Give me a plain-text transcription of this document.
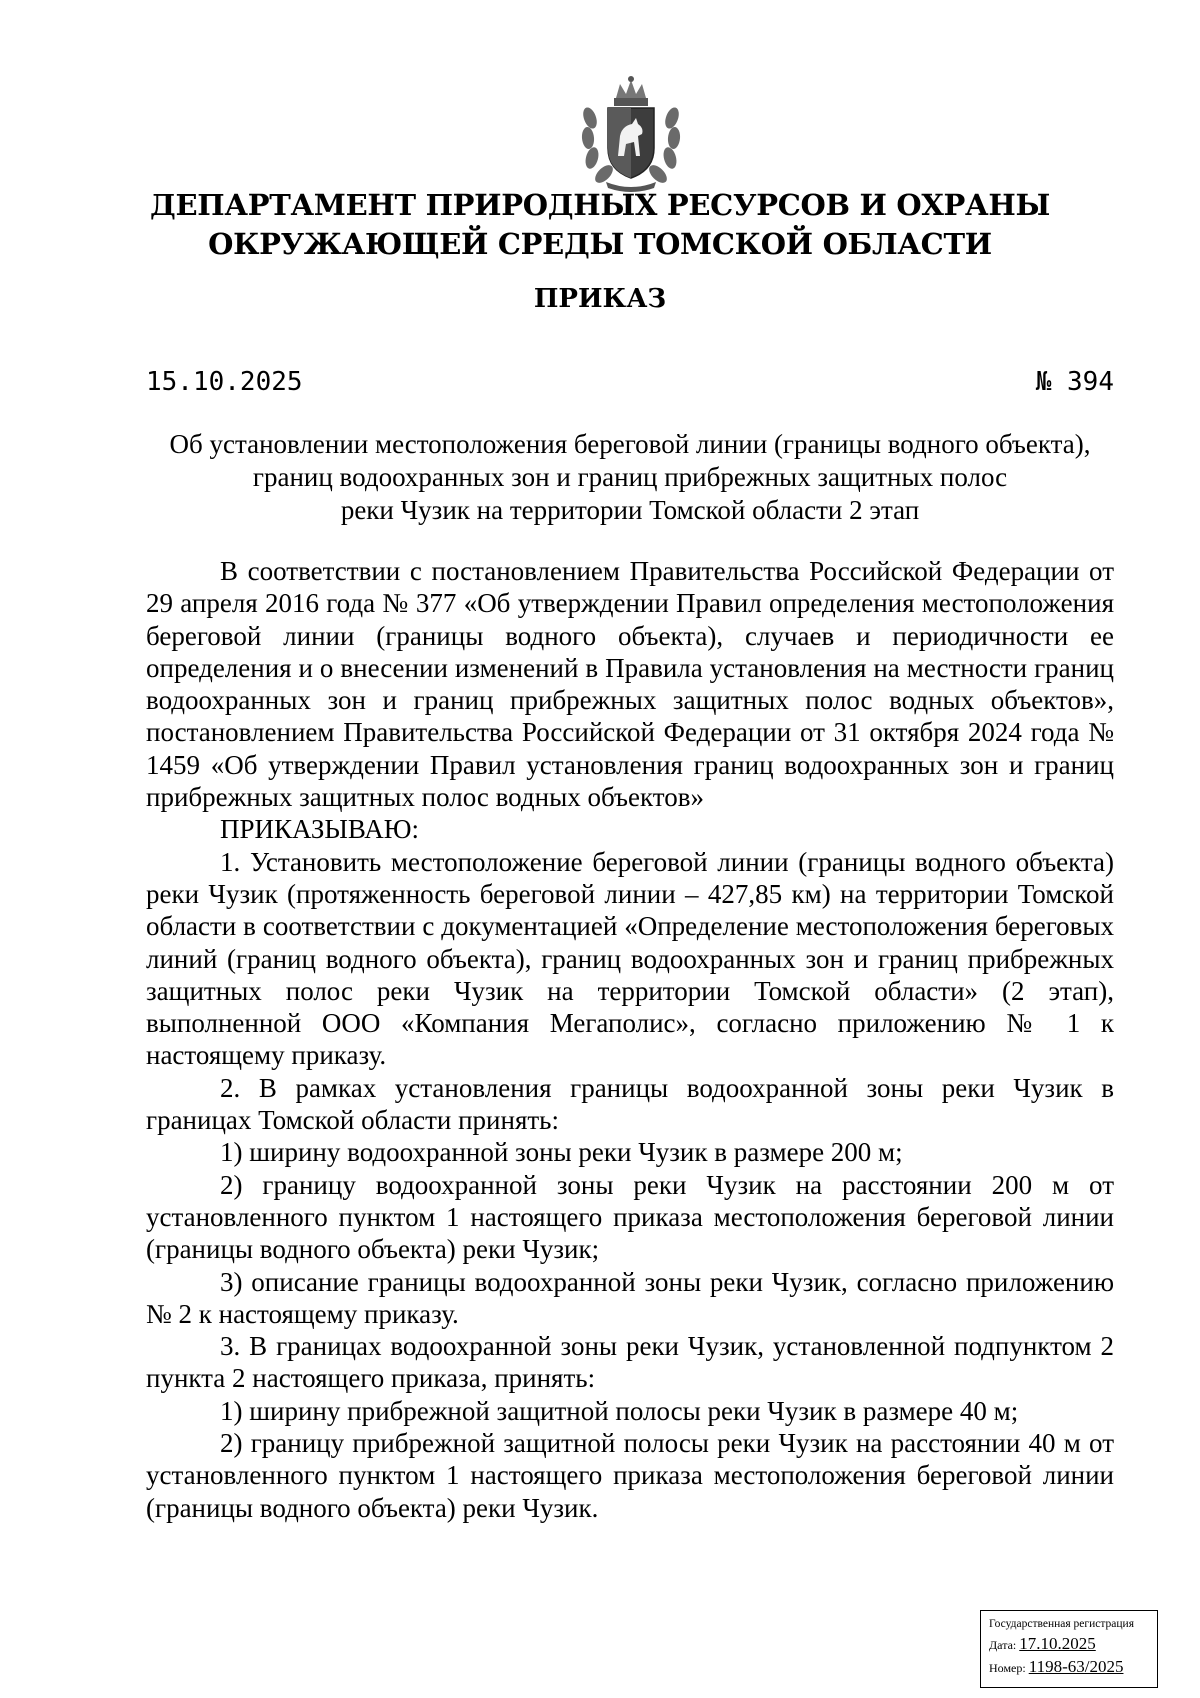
ДЕПАРТАМЕНТ ПРИРОДНЫХ РЕСУРСОВ И ОХРАНЫ
ОКРУЖАЮЩЕЙ СРЕДЫ ТОМСКОЙ ОБЛАСТИ
ПРИКАЗ
15.10.2025	№ 394
Об установлении местоположения береговой линии (границы водного объекта),
границ водоохранных зон и границ прибрежных защитных полос
реки Чузик на территории Томской области 2 этап

В соответствии с постановлением Правительства Российской Федерации от 29 апреля 2016 года № 377 «Об утверждении Правил определения местоположения береговой линии (границы водного объекта), случаев и периодичности ее определения и о внесении изменений в Правила установления на местности границ водоохранных зон и границ прибрежных защитных полос водных объектов», постановлением Правительства Российской Федерации от 31 октября 2024 года № 1459 «Об утверждении Правил установления границ водоохранных зон и границ прибрежных защитных полос водных объектов»

ПРИКАЗЫВАЮ:

1. Установить местоположение береговой линии (границы водного объекта) реки Чузик (протяженность береговой линии – 427,85 км) на территории Томской области в соответствии с документацией «Определение местоположения береговых линий (границ водного объекта), границ водоохранных зон и границ прибрежных защитных полос реки Чузик на территории Томской области» (2 этап), выполненной ООО «Компания Мегаполис», согласно приложению № 1 к настоящему приказу.

2. В рамках установления границы водоохранной зоны реки Чузик в границах Томской области принять:

1) ширину водоохранной зоны реки Чузик в размере 200 м;

2) границу водоохранной зоны реки Чузик на расстоянии 200 м от установленного пунктом 1 настоящего приказа местоположения береговой линии (границы водного объекта) реки Чузик;

3) описание границы водоохранной зоны реки Чузик, согласно приложению № 2 к настоящему приказу.

3. В границах водоохранной зоны реки Чузик, установленной подпунктом 2 пункта 2 настоящего приказа, принять:

1) ширину прибрежной защитной полосы реки Чузик в размере 40 м;

2) границу прибрежной защитной полосы реки Чузик на расстоянии 40 м от установленного пунктом 1 настоящего приказа местоположения береговой линии (границы водного объекта) реки Чузик.

Государственная регистрация
Дата: 17.10.2025
Номер: 1198-63/2025
